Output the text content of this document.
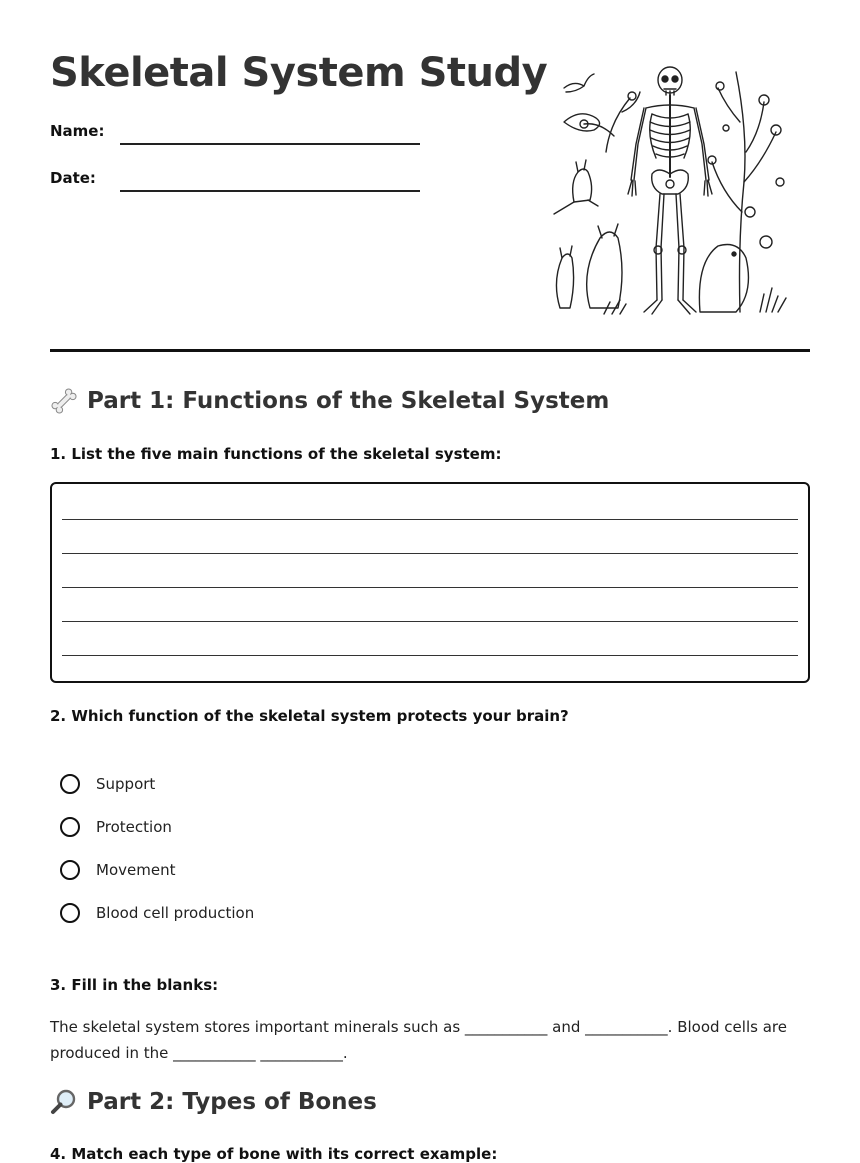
Skeletal System Study
Name:
Date:
Part 1: Functions of the Skeletal System

1. List the five main functions of the skeletal system:

2. Which function of the skeletal system protects your brain?

Support
Protection
Movement
Blood cell production

3. Fill in the blanks:

The skeletal system stores important minerals such as ___________ and ___________. Blood cells are produced in the ___________ ___________.

Part 2: Types of Bones

4. Match each type of bone with its correct example:
